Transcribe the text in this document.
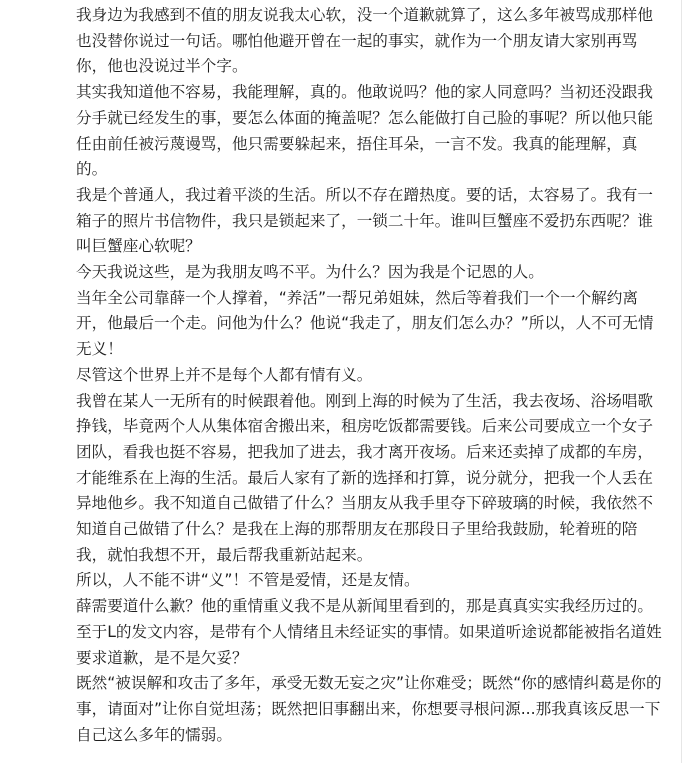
我身边为我感到不值的朋友说我太心软，没一个道歉就算了，这么多年被骂成那样他也没替你说过一句话。哪怕他避开曾在一起的事实，就作为一个朋友请大家别再骂你，他也没说过半个字。

其实我知道他不容易，我能理解，真的。他敢说吗？他的家人同意吗？当初还没跟我分手就已经发生的事，要怎么体面的掩盖呢？怎么能做打自己脸的事呢？所以他只能任由前任被污蔑谩骂，他只需要躲起来，捂住耳朵，一言不发。我真的能理解，真的。

我是个普通人，我过着平淡的生活。所以不存在蹭热度。要的话，太容易了。我有一箱子的照片书信物件，我只是锁起来了，一锁二十年。谁叫巨蟹座不爱扔东西呢？谁叫巨蟹座心软呢？

今天我说这些，是为我朋友鸣不平。为什么？因为我是个记恩的人。

当年全公司靠薛一个人撑着，“养活”一帮兄弟姐妹，然后等着我们一个一个解约离开，他最后一个走。问他为什么？他说“我走了，朋友们怎么办？”所以，人不可无情无义！

尽管这个世界上并不是每个人都有情有义。

我曾在某人一无所有的时候跟着他。刚到上海的时候为了生活，我去夜场、浴场唱歌挣钱，毕竟两个人从集体宿舍搬出来，租房吃饭都需要钱。后来公司要成立一个女子团队，看我也挺不容易，把我加了进去，我才离开夜场。后来还卖掉了成都的车房，才能维系在上海的生活。最后人家有了新的选择和打算，说分就分，把我一个人丢在异地他乡。我不知道自己做错了什么？当朋友从我手里夺下碎玻璃的时候，我依然不知道自己做错了什么？是我在上海的那帮朋友在那段日子里给我鼓励，轮着班的陪我，就怕我想不开，最后帮我重新站起来。

所以，人不能不讲“义”！不管是爱情，还是友情。

薛需要道什么歉？他的重情重义我不是从新闻里看到的，那是真真实实我经历过的。至于L的发文内容，是带有个人情绪且未经证实的事情。如果道听途说都能被指名道姓要求道歉，是不是欠妥？

既然“被误解和攻击了多年，承受无数无妄之灾”让你难受；既然“你的感情纠葛是你的事，请面对”让你自觉坦荡；既然把旧事翻出来，你想要寻根问源...那我真该反思一下自己这么多年的懦弱。
